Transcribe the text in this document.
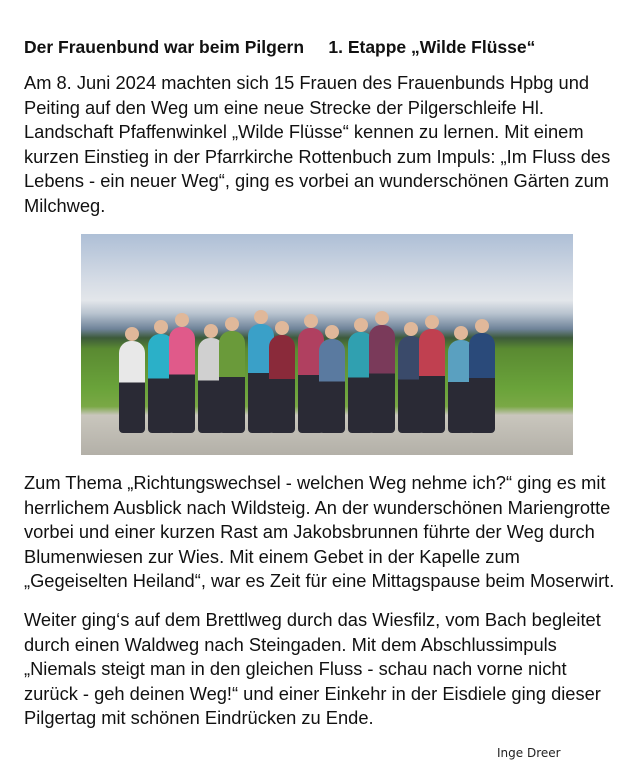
Der Frauenbund war beim Pilgern     1. Etappe „Wilde Flüsse“
Am 8. Juni 2024 machten sich 15 Frauen des Frauenbunds Hpbg und
Peiting auf den Weg um eine neue Strecke der Pilgerschleife Hl.
Landschaft Pfaffenwinkel „Wilde Flüsse“ kennen zu lernen. Mit einem
kurzen Einstieg in der Pfarrkirche Rottenbuch zum Impuls: „Im Fluss des
Lebens - ein neuer Weg“, ging es vorbei an wunderschönen Gärten zum
Milchweg.
Zum Thema „Richtungswechsel - welchen Weg nehme ich?“ ging es mit
herrlichem Ausblick nach Wildsteig. An der wunderschönen Mariengrotte
vorbei und einer kurzen Rast am Jakobsbrunnen führte der Weg durch
Blumenwiesen zur Wies. Mit einem Gebet in der Kapelle zum
„Gegeiselten Heiland“, war es Zeit für eine Mittagspause beim Moserwirt.
Weiter ging‘s auf dem Brettlweg durch das Wiesfilz, vom Bach begleitet
durch einen Waldweg nach Steingaden. Mit dem Abschlussimpuls
„Niemals steigt man in den gleichen Fluss - schau nach vorne nicht
zurück - geh deinen Weg!“ und einer Einkehr in der Eisdiele ging dieser
Pilgertag mit schönen Eindrücken zu Ende.
Inge Dreer
